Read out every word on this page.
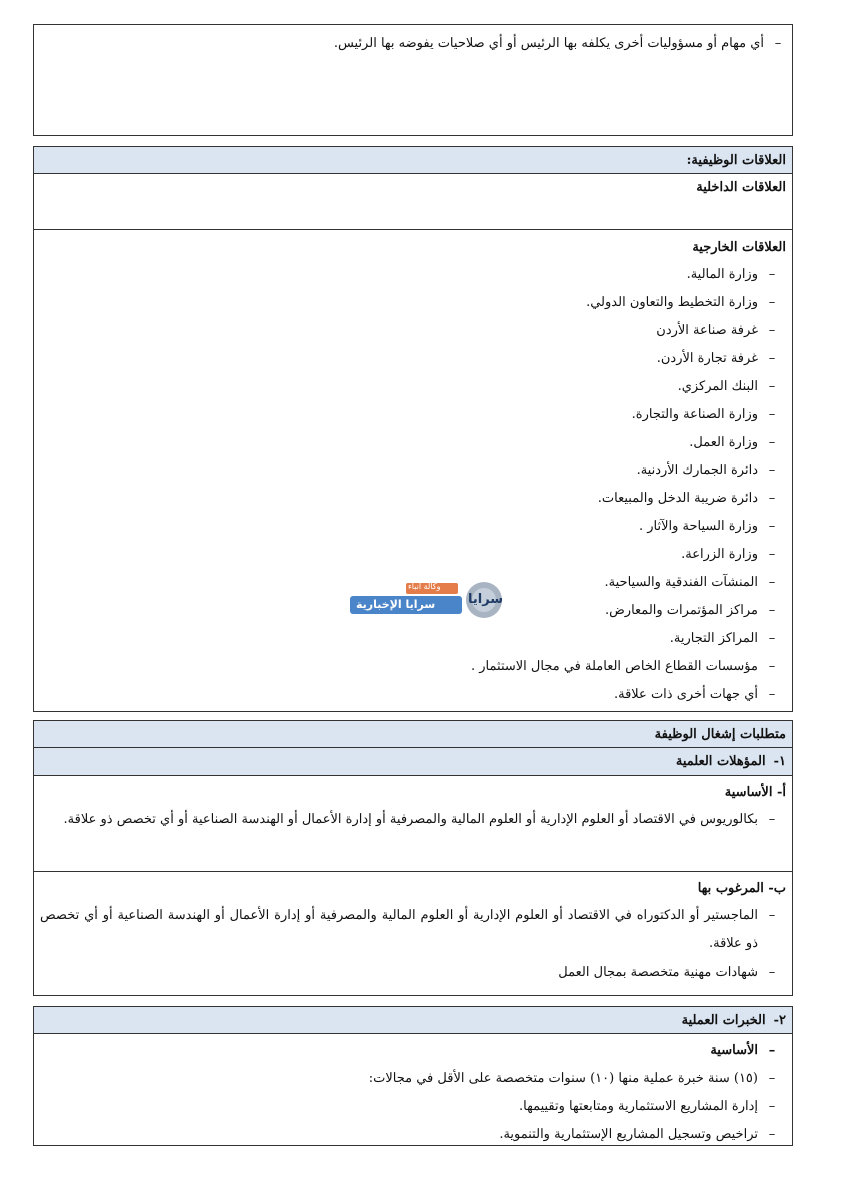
–
أي مهام أو مسؤوليات أخرى يكلفه بها الرئيس أو أي صلاحيات يفوضه بها الرئيس.
العلاقات الوظيفية:
العلاقات الداخلية
العلاقات الخارجية
–
وزارة المالية.
–
وزارة التخطيط والتعاون الدولي.
–
غرفة صناعة الأردن
–
غرفة تجارة الأردن.
–
البنك المركزي.
–
وزارة الصناعة والتجارة.
–
وزارة العمل.
–
دائرة الجمارك الأردنية.
–
دائرة ضريبة الدخل والمبيعات.
–
وزارة السياحة والآثار .
–
وزارة الزراعة.
–
المنشآت الفندقية والسياحية.
–
مراكز المؤتمرات والمعارض.
–
المراكز التجارية.
–
مؤسسات القطاع الخاص العاملة في مجال الاستثمار .
–
أي جهات أخرى ذات علاقة.
متطلبات إشغال الوظيفة
١-
المؤهلات العلمية
أ- الأساسية
–
بكالوريوس في الاقتصاد أو العلوم الإدارية أو العلوم المالية والمصرفية أو إدارة الأعمال أو الهندسة الصناعية أو أي تخصص ذو علاقة.
ب- المرغوب بها
–
الماجستير أو الدكتوراه في الاقتصاد أو العلوم الإدارية أو العلوم المالية والمصرفية أو إدارة الأعمال أو الهندسة الصناعية أو أي تخصص ذو علاقة.
–
شهادات مهنية متخصصة بمجال العمل
٢-
الخبرات العملية
–
الأساسية
–
(١٥) سنة خبرة عملية منها (١٠) سنوات متخصصة على الأقل في مجالات:
–
إدارة المشاريع الاستثمارية ومتابعتها وتقييمها.
–
تراخيص وتسجيل المشاريع الإستثمارية والتنموية.
وكالة أنباء
سرايا
سرايا الإخبارية
